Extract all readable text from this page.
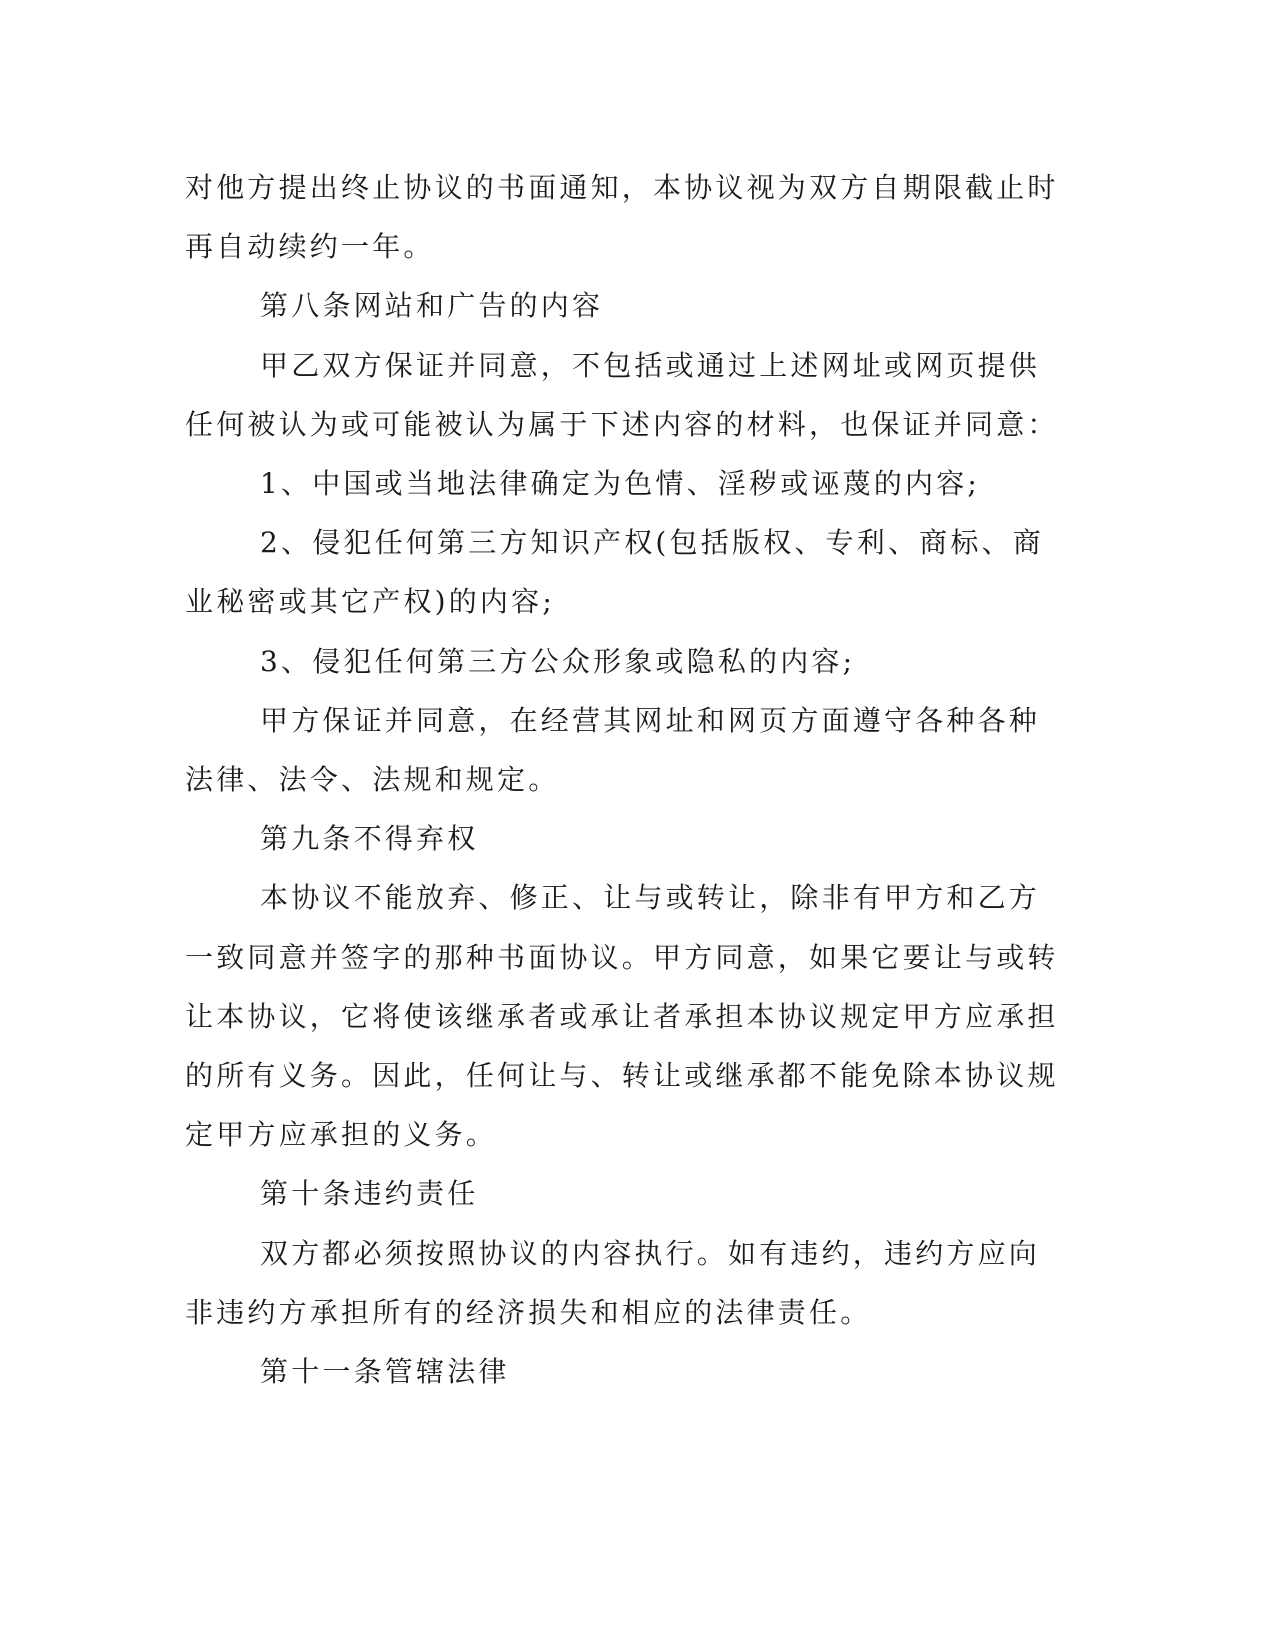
对他方提出终止协议的书面通知，本协议视为双方自期限截止时再自动续约一年。

第八条网站和广告的内容

甲乙双方保证并同意，不包括或通过上述网址或网页提供任何被认为或可能被认为属于下述内容的材料，也保证并同意：

1、中国或当地法律确定为色情、淫秽或诬蔑的内容;

2、侵犯任何第三方知识产权(包括版权、专利、商标、商业秘密或其它产权)的内容;

3、侵犯任何第三方公众形象或隐私的内容;

甲方保证并同意，在经营其网址和网页方面遵守各种各种法律、法令、法规和规定。

第九条不得弃权

本协议不能放弃、修正、让与或转让，除非有甲方和乙方一致同意并签字的那种书面协议。甲方同意，如果它要让与或转让本协议，它将使该继承者或承让者承担本协议规定甲方应承担的所有义务。因此，任何让与、转让或继承都不能免除本协议规定甲方应承担的义务。

第十条违约责任

双方都必须按照协议的内容执行。如有违约，违约方应向非违约方承担所有的经济损失和相应的法律责任。

第十一条管辖法律
